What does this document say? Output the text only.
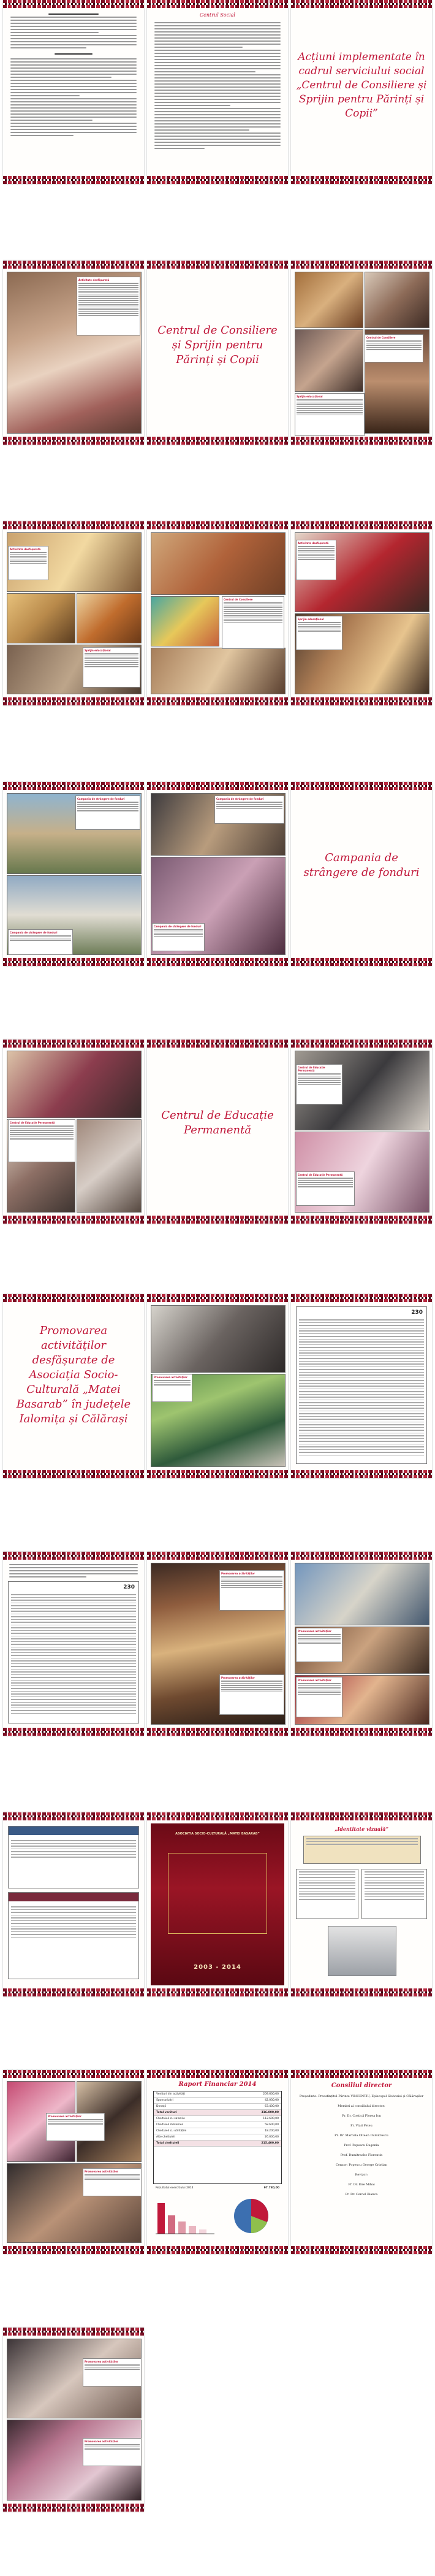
Centrul Social
Acțiuni implementate în cadrul serviciului social „Centrul de Consiliere și Sprijin pentru Părinți și Copii”
Activitate desfășurată
Centrul de Consiliere și Sprijin pentru Părinți și Copii
Centrul de Consiliere
Sprijin educațional
Activitate desfășurată
Sprijin educațional
Centrul de Consiliere
Activitate desfășurată
Sprijin educațional
Campania de strângere de fonduri
Campania de strângere de fonduri
Campania de strângere de fonduri
Campania de strângere de fonduri
Campania de strângere de fonduri
Centrul de Educație Permanentă
Centrul de Educație Permanentă
Centrul de Educație Permanentă
Centrul de Educație Permanentă
Promovarea activităților desfășurate de Asociația Socio-Culturală „Matei Basarab” în județele Ialomița și Călărași
Promovarea activităților
230
230
Promovarea activităților
Promovarea activităților
Promovarea activităților
Promovarea activităților
ASOCIAȚIA SOCIO-CULTURALĂ „MATEI BASARAB”
2003 - 2014
„Identitate vizuală”
Promovarea activităților
Promovarea activităților
Raport Financiar 2014
Venituri din activități	209.600,00
Sponsorizări	42.030,00
Donații	63.400,00
Total venituri	316.000,00
Cheltuieli cu salariile	112.600,00
Cheltuieli materiale	58.600,00
Cheltuieli cu utilitățile	18.200,00
Alte cheltuieli	26.000,00
Total cheltuieli	215.400,00
Rezultatul exercitiului 2014	97.780,00
Consiliul director
Președinte: Preasfințitul Părinte VINCENTIU, Episcopul Sloboziei și Călărașilor
Membri ai consiliului director:
Pr. Dr. Costică Florea Ion
Pr. Vlad Peteu
Pr. Dr. Marcela Oltean Dumitrescu
Prof. Popescu Eugenia
Prof. Dumitrache Florentin
Cenzor: Popescu George Cristian
Revizor:
Pr. Dr. Ene Mihai
Pr. Dr. Cercel Bianca
Promovarea activităților
Promovarea activităților
